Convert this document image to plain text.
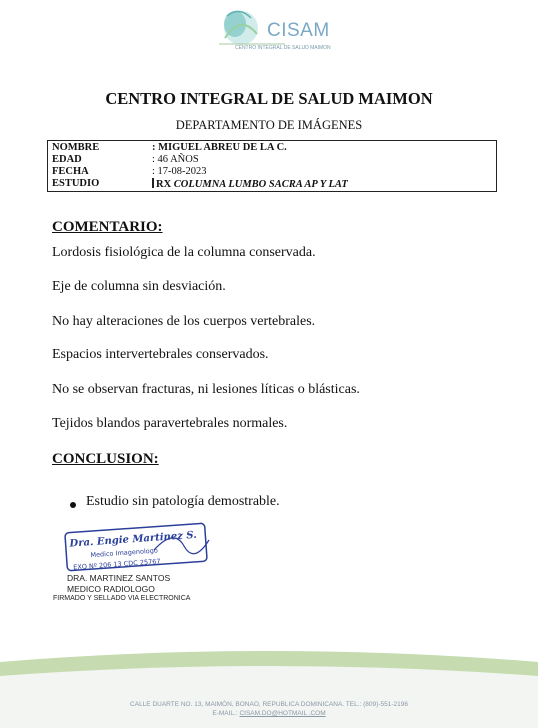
CISAM
CENTRO INTEGRAL DE SALUD MAIMON
CENTRO INTEGRAL DE SALUD MAIMON
DEPARTAMENTO DE IMÁGENES
NOMBRE	: MIGUEL ABREU DE LA C.
EDAD	: 46 AÑOS
FECHA	: 17-08-2023
ESTUDIO	RX COLUMNA LUMBO SACRA AP Y LAT
COMENTARIO:
Lordosis fisiológica de la columna conservada.
Eje de columna sin desviación.
No hay alteraciones de los cuerpos vertebrales.
Espacios intervertebrales conservados.
No se observan fracturas, ni lesiones líticas o blásticas.
Tejidos blandos paravertebrales normales.
CONCLUSION:
Estudio sin patología demostrable.
Dra. Engie Martinez S.
Medico Imagenologo
EXQ Nº 206 13 CDC 25767
DRA. MARTINEZ SANTOS
MEDICO RADIOLOGO
FIRMADO Y SELLADO VIA ELECTRONICA
CALLE DUARTE NO. 13, MAIMÓN, BONAO, REPUBLICA DOMINICANA. TEL.: (809)-551-2196
E-MAIL.: CISAM.DO@HOTMAIL .COM
